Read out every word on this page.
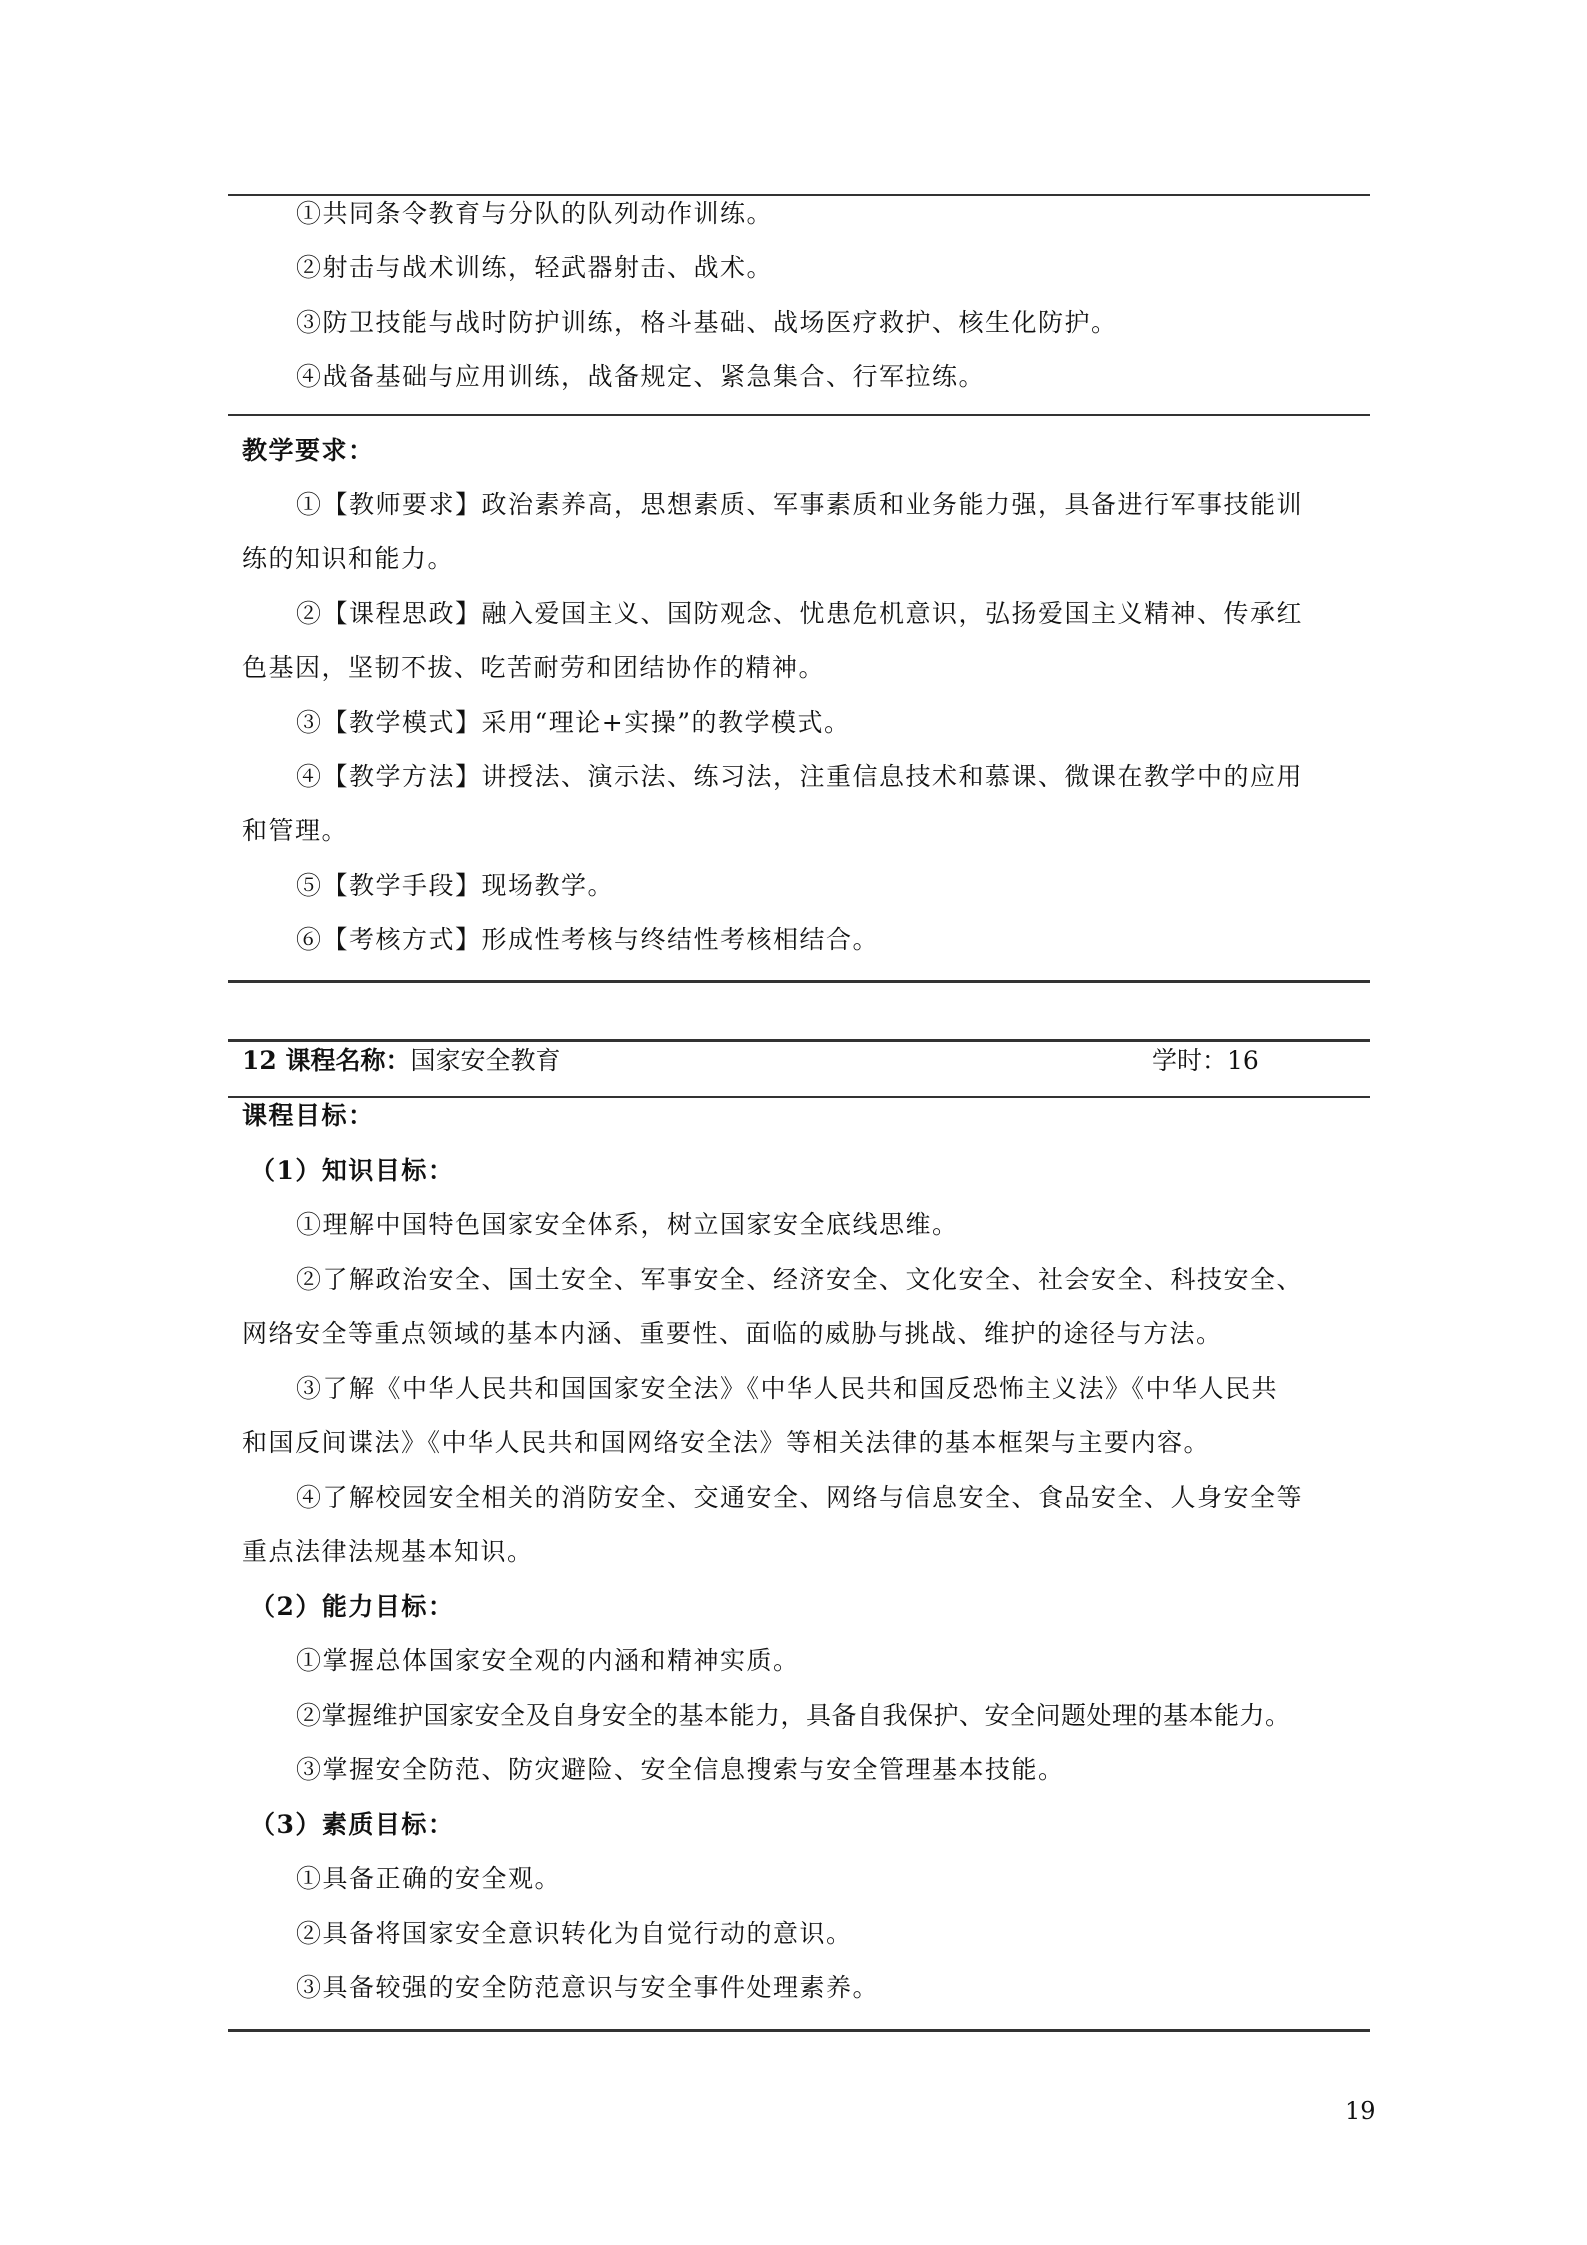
①共同条令教育与分队的队列动作训练。
②射击与战术训练，轻武器射击、战术。
③防卫技能与战时防护训练，格斗基础、战场医疗救护、核生化防护。
④战备基础与应用训练，战备规定、紧急集合、行军拉练。
教学要求：
①【教师要求】政治素养高，思想素质、军事素质和业务能力强，具备进行军事技能训
练的知识和能力。
②【课程思政】融入爱国主义、国防观念、忧患危机意识，弘扬爱国主义精神、传承红
色基因，坚韧不拔、吃苦耐劳和团结协作的精神。
③【教学模式】采用“理论+实操”的教学模式。
④【教学方法】讲授法、演示法、练习法，注重信息技术和慕课、微课在教学中的应用
和管理。
⑤【教学手段】现场教学。
⑥【考核方式】形成性考核与终结性考核相结合。
12 课程名称：国家安全教育	学时：16
课程目标：
（1）知识目标：
①理解中国特色国家安全体系，树立国家安全底线思维。
②了解政治安全、国土安全、军事安全、经济安全、文化安全、社会安全、科技安全、
网络安全等重点领域的基本内涵、重要性、面临的威胁与挑战、维护的途径与方法。
③了解《中华人民共和国国家安全法》《中华人民共和国反恐怖主义法》《中华人民共
和国反间谍法》《中华人民共和国网络安全法》等相关法律的基本框架与主要内容。
④了解校园安全相关的消防安全、交通安全、网络与信息安全、食品安全、人身安全等
重点法律法规基本知识。
（2）能力目标：
①掌握总体国家安全观的内涵和精神实质。
②掌握维护国家安全及自身安全的基本能力，具备自我保护、安全问题处理的基本能力。
③掌握安全防范、防灾避险、安全信息搜索与安全管理基本技能。
（3）素质目标：
①具备正确的安全观。
②具备将国家安全意识转化为自觉行动的意识。
③具备较强的安全防范意识与安全事件处理素养。
19
